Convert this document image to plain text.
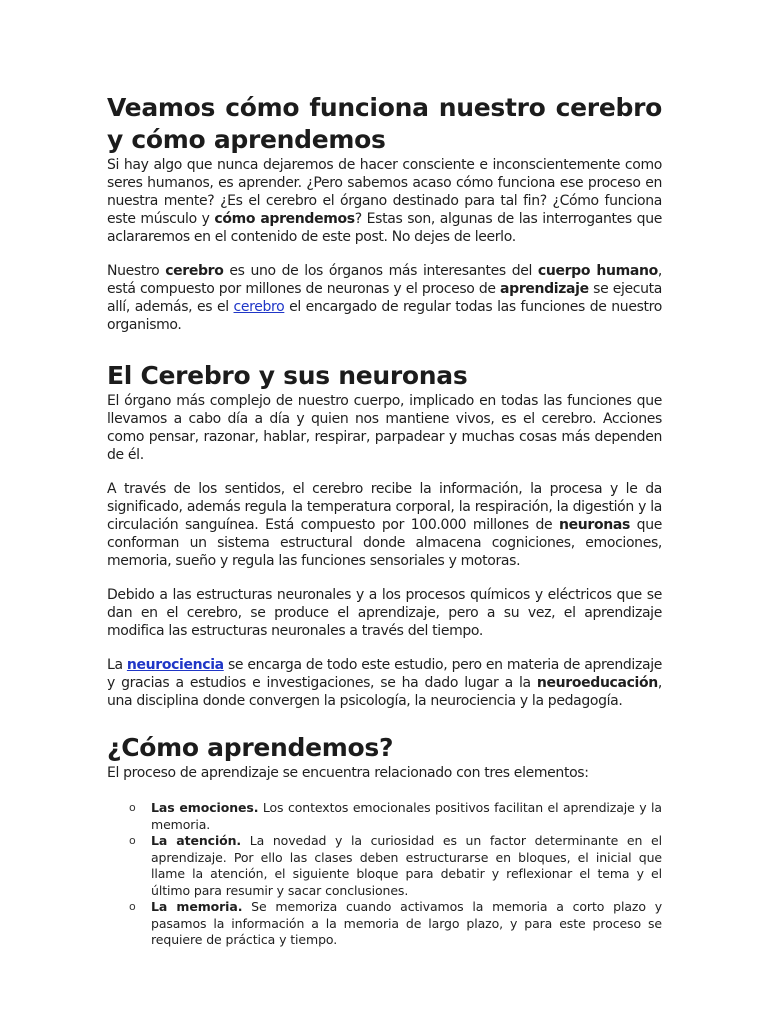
Veamos cómo funciona nuestro cerebro y cómo aprendemos

Si hay algo que nunca dejaremos de hacer consciente e inconscientemente como seres humanos, es aprender. ¿Pero sabemos acaso cómo funciona ese proceso en nuestra mente? ¿Es el cerebro el órgano destinado para tal fin? ¿Cómo funciona este músculo y cómo aprendemos? Estas son, algunas de las interrogantes que aclararemos en el contenido de este post. No dejes de leerlo.

Nuestro cerebro es uno de los órganos más interesantes del cuerpo humano, está compuesto por millones de neuronas y el proceso de aprendizaje se ejecuta allí, además, es el cerebro el encargado de regular todas las funciones de nuestro organismo.

El Cerebro y sus neuronas

El órgano más complejo de nuestro cuerpo, implicado en todas las funciones que llevamos a cabo día a día y quien nos mantiene vivos, es el cerebro. Acciones como pensar, razonar, hablar, respirar, parpadear y muchas cosas más dependen de él.

A través de los sentidos, el cerebro recibe la información, la procesa y le da significado, además regula la temperatura corporal, la respiración, la digestión y la circulación sanguínea. Está compuesto por 100.000 millones de neuronas que conforman un sistema estructural donde almacena cogniciones, emociones, memoria, sueño y regula las funciones sensoriales y motoras.

Debido a las estructuras neuronales y a los procesos químicos y eléctricos que se dan en el cerebro, se produce el aprendizaje, pero a su vez, el aprendizaje modifica las estructuras neuronales a través del tiempo.

La neurociencia se encarga de todo este estudio, pero en materia de aprendizaje y gracias a estudios e investigaciones, se ha dado lugar a la neuroeducación, una disciplina donde convergen la psicología, la neurociencia y la pedagogía.

¿Cómo aprendemos?

El proceso de aprendizaje se encuentra relacionado con tres elementos:

o Las emociones. Los contextos emocionales positivos facilitan el aprendizaje y la memoria.
o La atención. La novedad y la curiosidad es un factor determinante en el aprendizaje. Por ello las clases deben estructurarse en bloques, el inicial que llame la atención, el siguiente bloque para debatir y reflexionar el tema y el último para resumir y sacar conclusiones.
o La memoria. Se memoriza cuando activamos la memoria a corto plazo y pasamos la información a la memoria de largo plazo, y para este proceso se requiere de práctica y tiempo.
